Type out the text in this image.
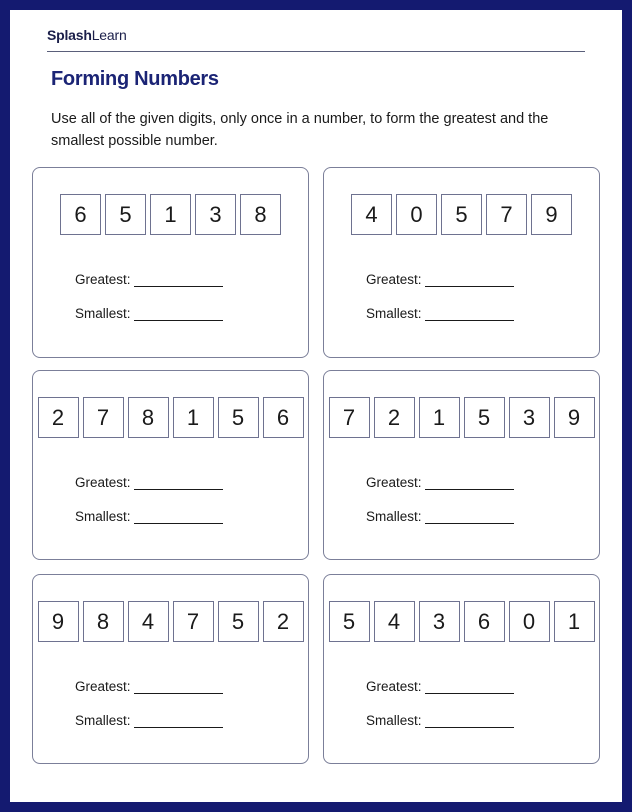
SplashLearn
Forming Numbers
Use all of the given digits, only once in a number, to form the greatest and the smallest possible number.
6	5	1	3	8
Greatest:
Smallest:
4	0	5	7	9
Greatest:
Smallest:
2	7	8	1	5	6
Greatest:
Smallest:
7	2	1	5	3	9
Greatest:
Smallest:
9	8	4	7	5	2
Greatest:
Smallest:
5	4	3	6	0	1
Greatest:
Smallest:
